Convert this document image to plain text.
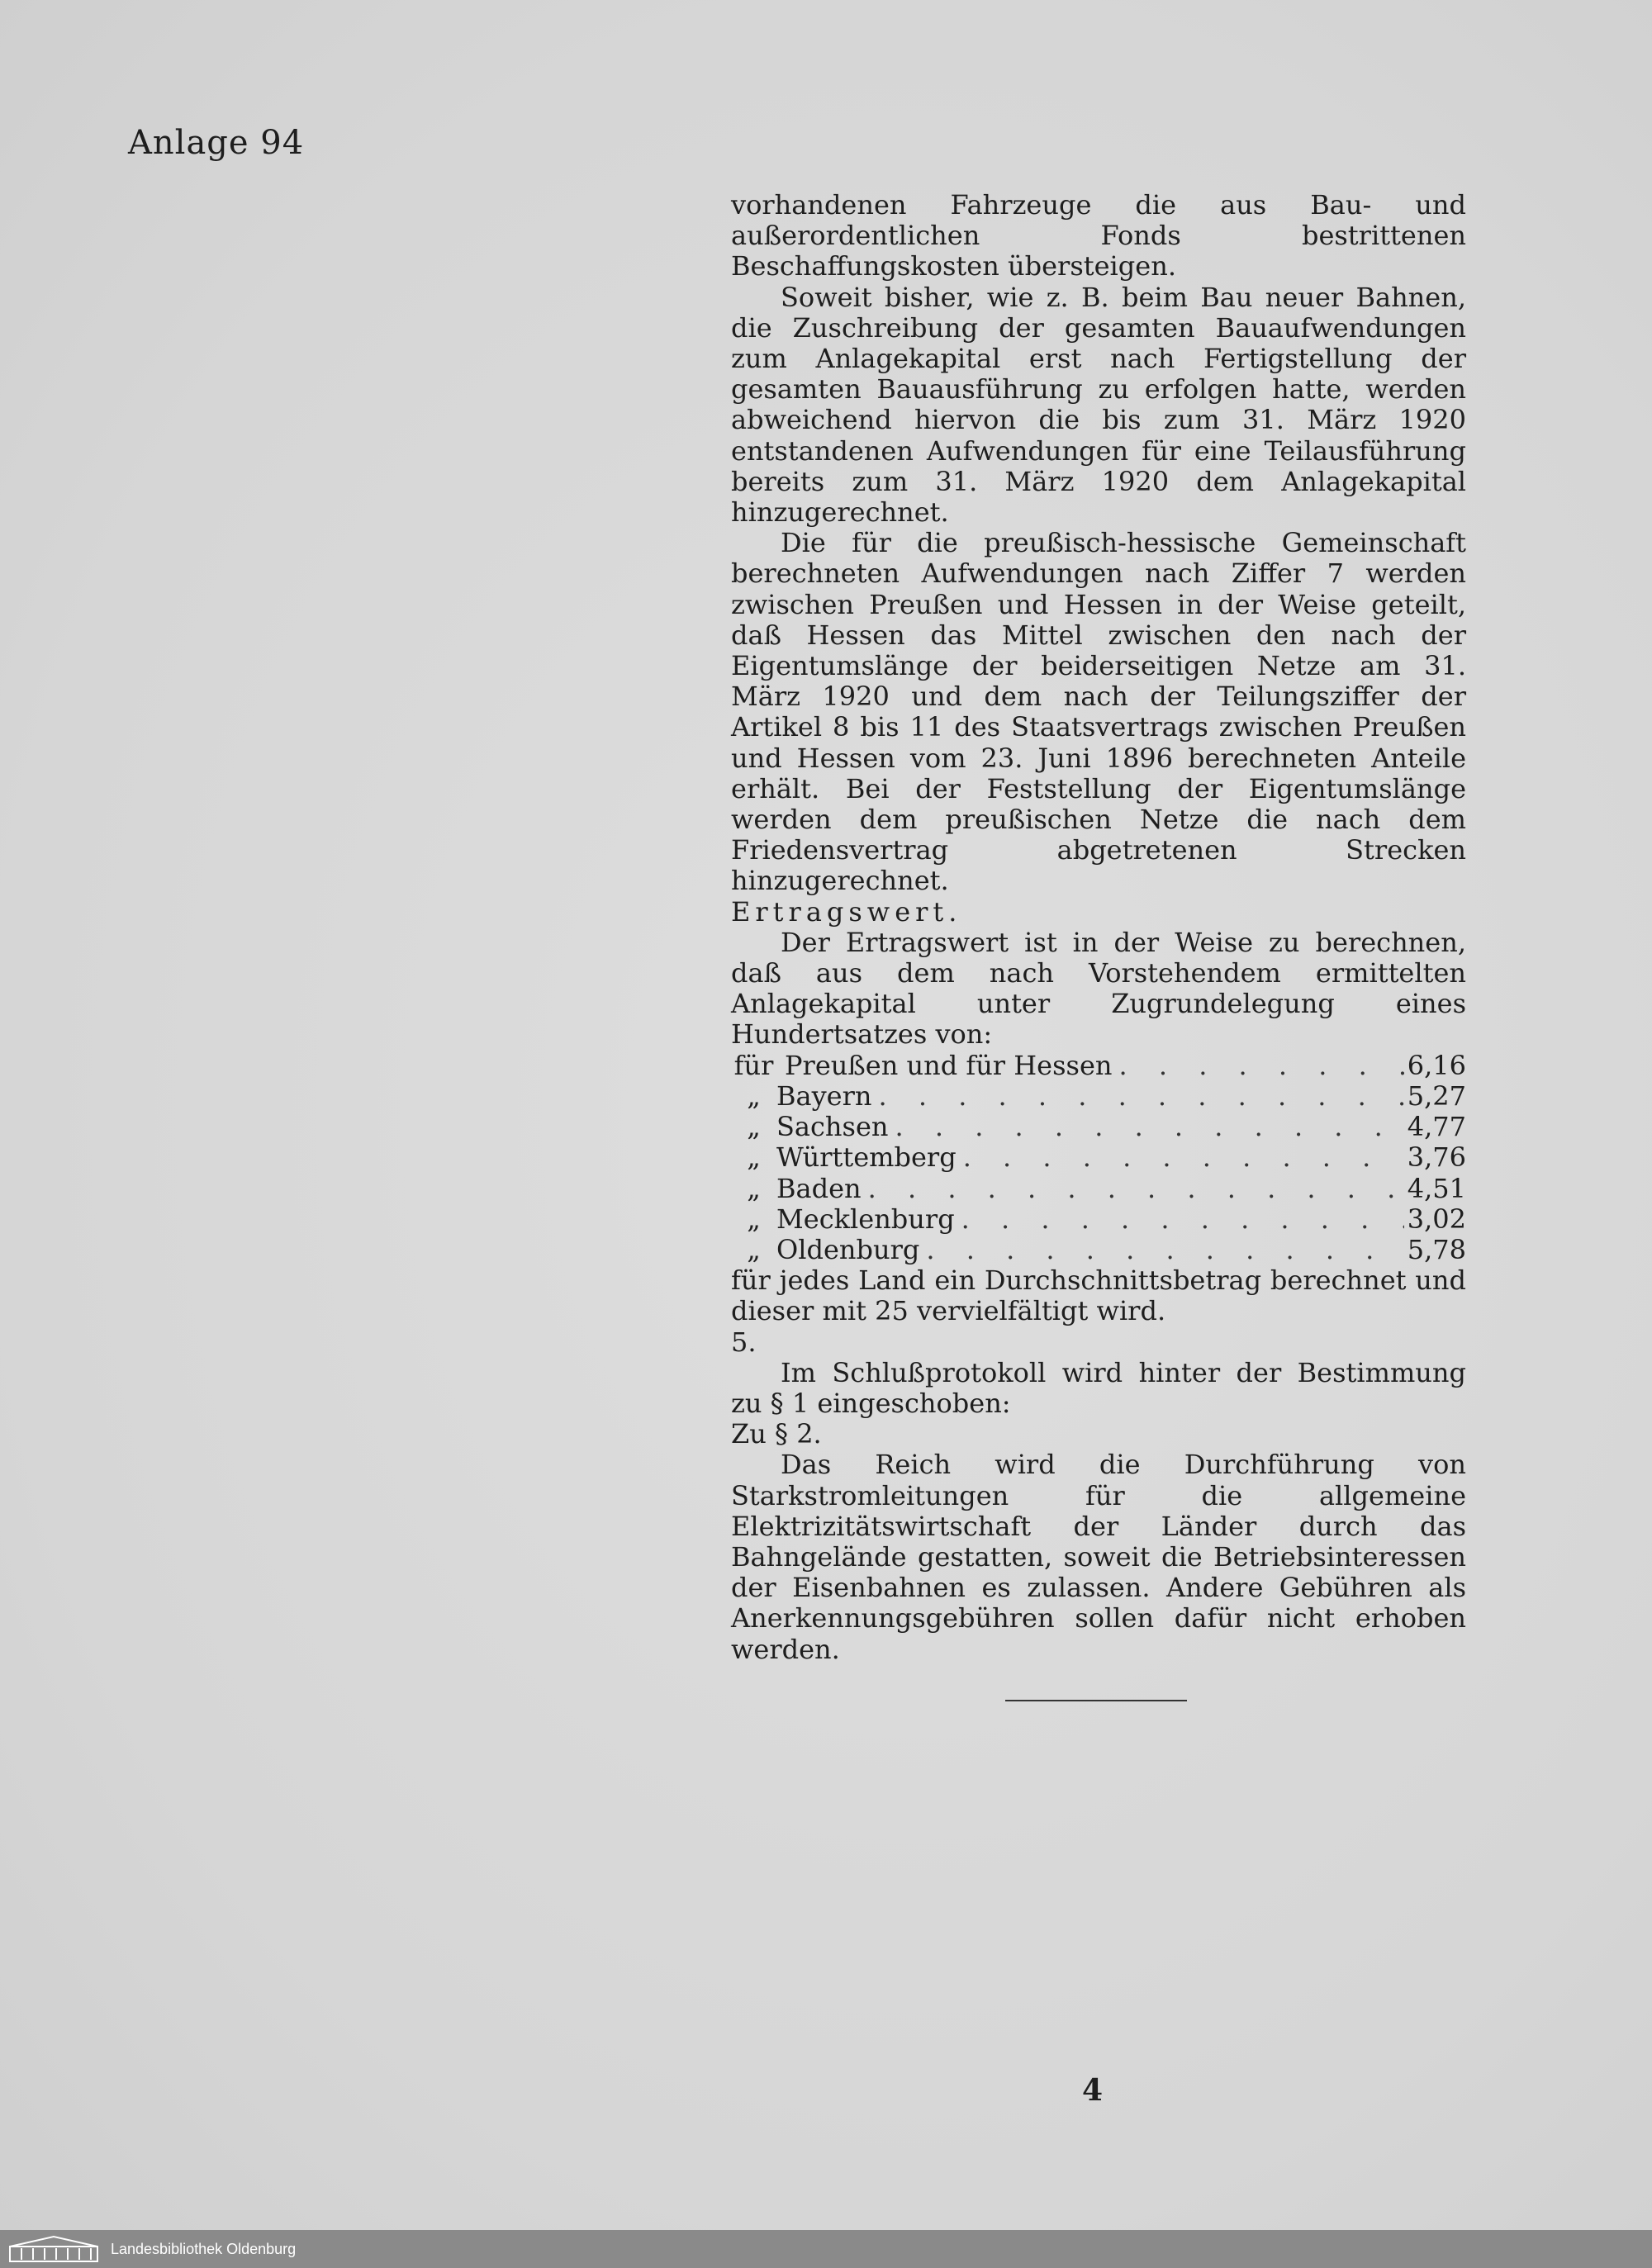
Anlage 94

vorhandenen Fahrzeuge die aus Bau- und außerordentlichen Fonds bestrittenen Beschaffungskosten übersteigen.

Soweit bisher, wie z. B. beim Bau neuer Bahnen, die Zuschreibung der gesamten Bauaufwendungen zum Anlagekapital erst nach Fertigstellung der gesamten Bauausführung zu erfolgen hatte, werden abweichend hiervon die bis zum 31. März 1920 entstandenen Aufwendungen für eine Teilausführung bereits zum 31. März 1920 dem Anlagekapital hinzugerechnet.

Die für die preußisch-hessische Gemeinschaft berechneten Aufwendungen nach Ziffer 7 werden zwischen Preußen und Hessen in der Weise geteilt, daß Hessen das Mittel zwischen den nach der Eigentumslänge der beiderseitigen Netze am 31. März 1920 und dem nach der Teilungsziffer der Artikel 8 bis 11 des Staatsvertrags zwischen Preußen und Hessen vom 23. Juni 1896 berechneten Anteile erhält. Bei der Feststellung der Eigentumslänge werden dem preußischen Netze die nach dem Friedensvertrag abgetretenen Strecken hinzugerechnet.

Ertragswert.

Der Ertragswert ist in der Weise zu berechnen, daß aus dem nach Vorstehendem ermittelten Anlagekapital unter Zugrundelegung eines Hundertsatzes von:

für Preußen und für Hessen . . .	6,16
„ Bayern . . .	5,27
„ Sachsen . . .	4,77
„ Württemberg . . .	3,76
„ Baden . . .	4,51
„ Mecklenburg . . .	3,02
„ Oldenburg . . .	5,78

für jedes Land ein Durchschnittsbetrag berechnet und dieser mit 25 vervielfältigt wird.

5.

Im Schlußprotokoll wird hinter der Bestimmung zu § 1 eingeschoben:

Zu § 2.

Das Reich wird die Durchführung von Starkstromleitungen für die allgemeine Elektrizitätswirtschaft der Länder durch das Bahngelände gestatten, soweit die Betriebsinteressen der Eisenbahnen es zulassen. Andere Gebühren als Anerkennungsgebühren sollen dafür nicht erhoben werden.

4
Landesbibliothek Oldenburg
